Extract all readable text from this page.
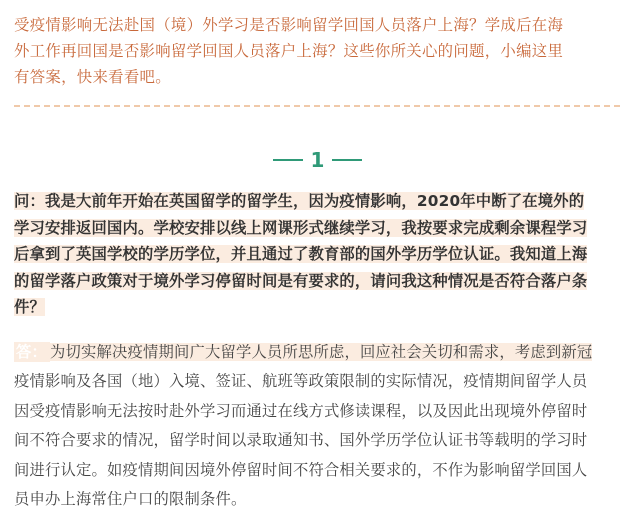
受疫情影响无法赴国（境）外学习是否影响留学回国人员落户上海？学成后在海
外工作再回国是否影响留学回国人员落户上海？这些你所关心的问题，小编这里
有答案，快来看看吧。
1
问：我是大前年开始在英国留学的留学生，因为疫情影响，2020年中断了在境外的
学习安排返回国内。学校安排以线上网课形式继续学习，我按要求完成剩余课程学习
后拿到了英国学校的学历学位，并且通过了教育部的国外学历学位认证。我知道上海
的留学落户政策对于境外学习停留时间是有要求的，请问我这种情况是否符合落户条
件？
答： 为切实解决疫情期间广大留学人员所思所虑，回应社会关切和需求，考虑到新冠
疫情影响及各国（地）入境、签证、航班等政策限制的实际情况，疫情期间留学人员
因受疫情影响无法按时赴外学习而通过在线方式修读课程，以及因此出现境外停留时
间不符合要求的情况，留学时间以录取通知书、国外学历学位认证书等载明的学习时
间进行认定。如疫情期间因境外停留时间不符合相关要求的，不作为影响留学回国人
员申办上海常住户口的限制条件。
